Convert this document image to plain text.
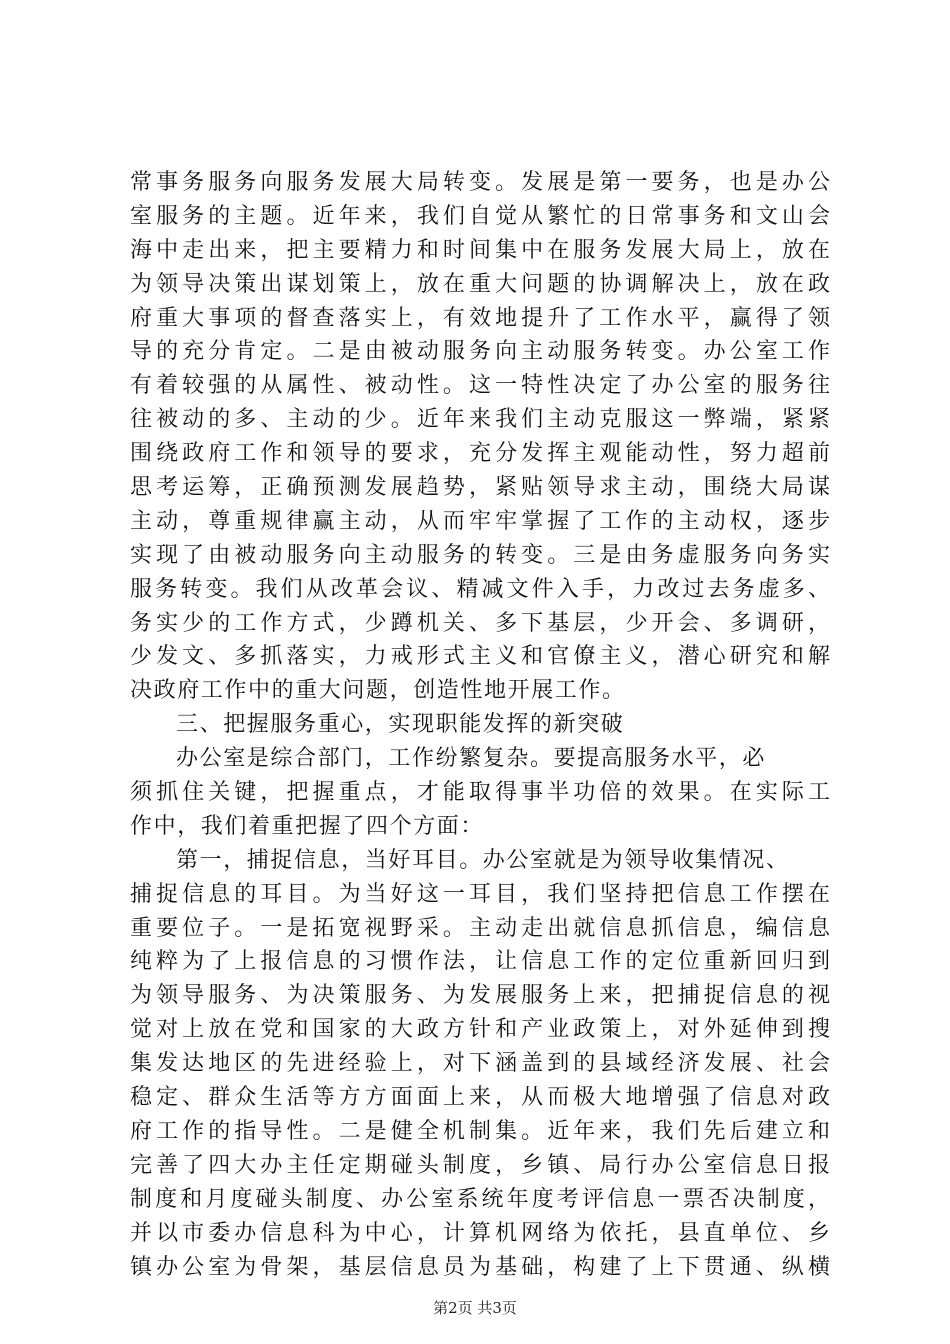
常事务服务向服务发展大局转变。发展是第一要务，也是办公
室服务的主题。近年来，我们自觉从繁忙的日常事务和文山会
海中走出来，把主要精力和时间集中在服务发展大局上，放在
为领导决策出谋划策上，放在重大问题的协调解决上，放在政
府重大事项的督查落实上，有效地提升了工作水平，赢得了领
导的充分肯定。二是由被动服务向主动服务转变。办公室工作
有着较强的从属性、被动性。这一特性决定了办公室的服务往
往被动的多、主动的少。近年来我们主动克服这一弊端，紧紧
围绕政府工作和领导的要求，充分发挥主观能动性，努力超前
思考运筹，正确预测发展趋势，紧贴领导求主动，围绕大局谋
主动，尊重规律赢主动，从而牢牢掌握了工作的主动权，逐步
实现了由被动服务向主动服务的转变。三是由务虚服务向务实
服务转变。我们从改革会议、精减文件入手，力改过去务虚多、
务实少的工作方式，少蹲机关、多下基层，少开会、多调研，
少发文、多抓落实，力戒形式主义和官僚主义，潜心研究和解
决政府工作中的重大问题，创造性地开展工作。
三、把握服务重心，实现职能发挥的新突破
办公室是综合部门，工作纷繁复杂。要提高服务水平，必
须抓住关键，把握重点，才能取得事半功倍的效果。在实际工
作中，我们着重把握了四个方面：
第一，捕捉信息，当好耳目。办公室就是为领导收集情况、
捕捉信息的耳目。为当好这一耳目，我们坚持把信息工作摆在
重要位子。一是拓宽视野采。主动走出就信息抓信息，编信息
纯粹为了上报信息的习惯作法，让信息工作的定位重新回归到
为领导服务、为决策服务、为发展服务上来，把捕捉信息的视
觉对上放在党和国家的大政方针和产业政策上，对外延伸到搜
集发达地区的先进经验上，对下涵盖到的县域经济发展、社会
稳定、群众生活等方方面面上来，从而极大地增强了信息对政
府工作的指导性。二是健全机制集。近年来，我们先后建立和
完善了四大办主任定期碰头制度，乡镇、局行办公室信息日报
制度和月度碰头制度、办公室系统年度考评信息一票否决制度，
并以市委办信息科为中心，计算机网络为依托，县直单位、乡
镇办公室为骨架，基层信息员为基础，构建了上下贯通、纵横
第2页 共3页
